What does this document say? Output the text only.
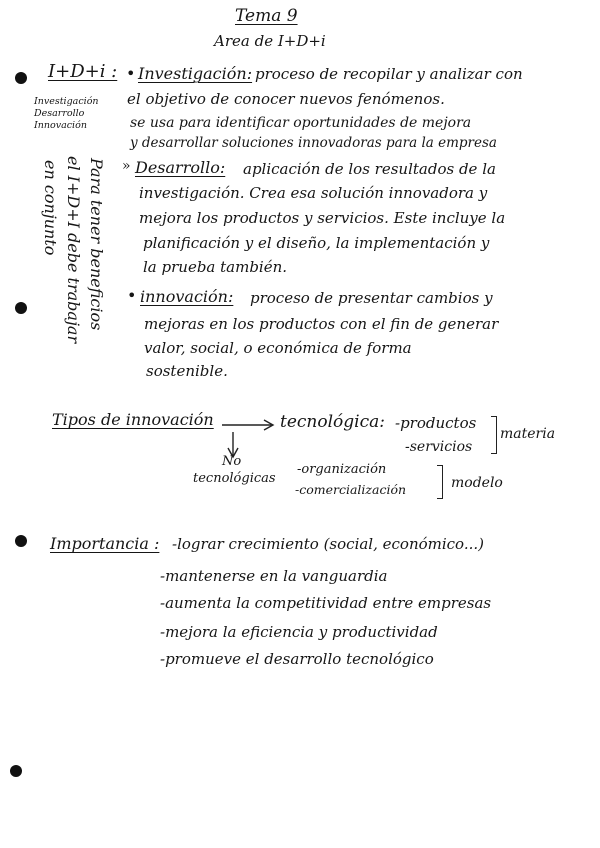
Tema 9
Area de I+D+i
I+D+i :
Investigación
Desarrollo
Innovación
Para tener beneficios
el I+D+I debe trabajar
en conjunto
• Investigación: proceso de recopilar y analizar con
el objetivo de conocer nuevos fenómenos.
se usa para identificar oportunidades de mejora
y desarrollar soluciones innovadoras para la empresa
» Desarrollo: aplicación de los resultados de la
investigación. Crea esa solución innovadora y
mejora los productos y servicios. Este incluye la
planificación y el diseño, la implementación y
la prueba también.
• innovación: proceso de presentar cambios y
mejoras en los productos con el fin de generar
valor, social, o económica de forma
sostenible.
Tipos de innovación	tecnológica: -productos
-servicios
materia
No
tecnológicas
-organización
-comercialización	modelo
Importancia : -lograr crecimiento (social, económico...)
-mantenerse en la vanguardia
-aumenta la competitividad entre empresas
-mejora la eficiencia y productividad
-promueve el desarrollo tecnológico
